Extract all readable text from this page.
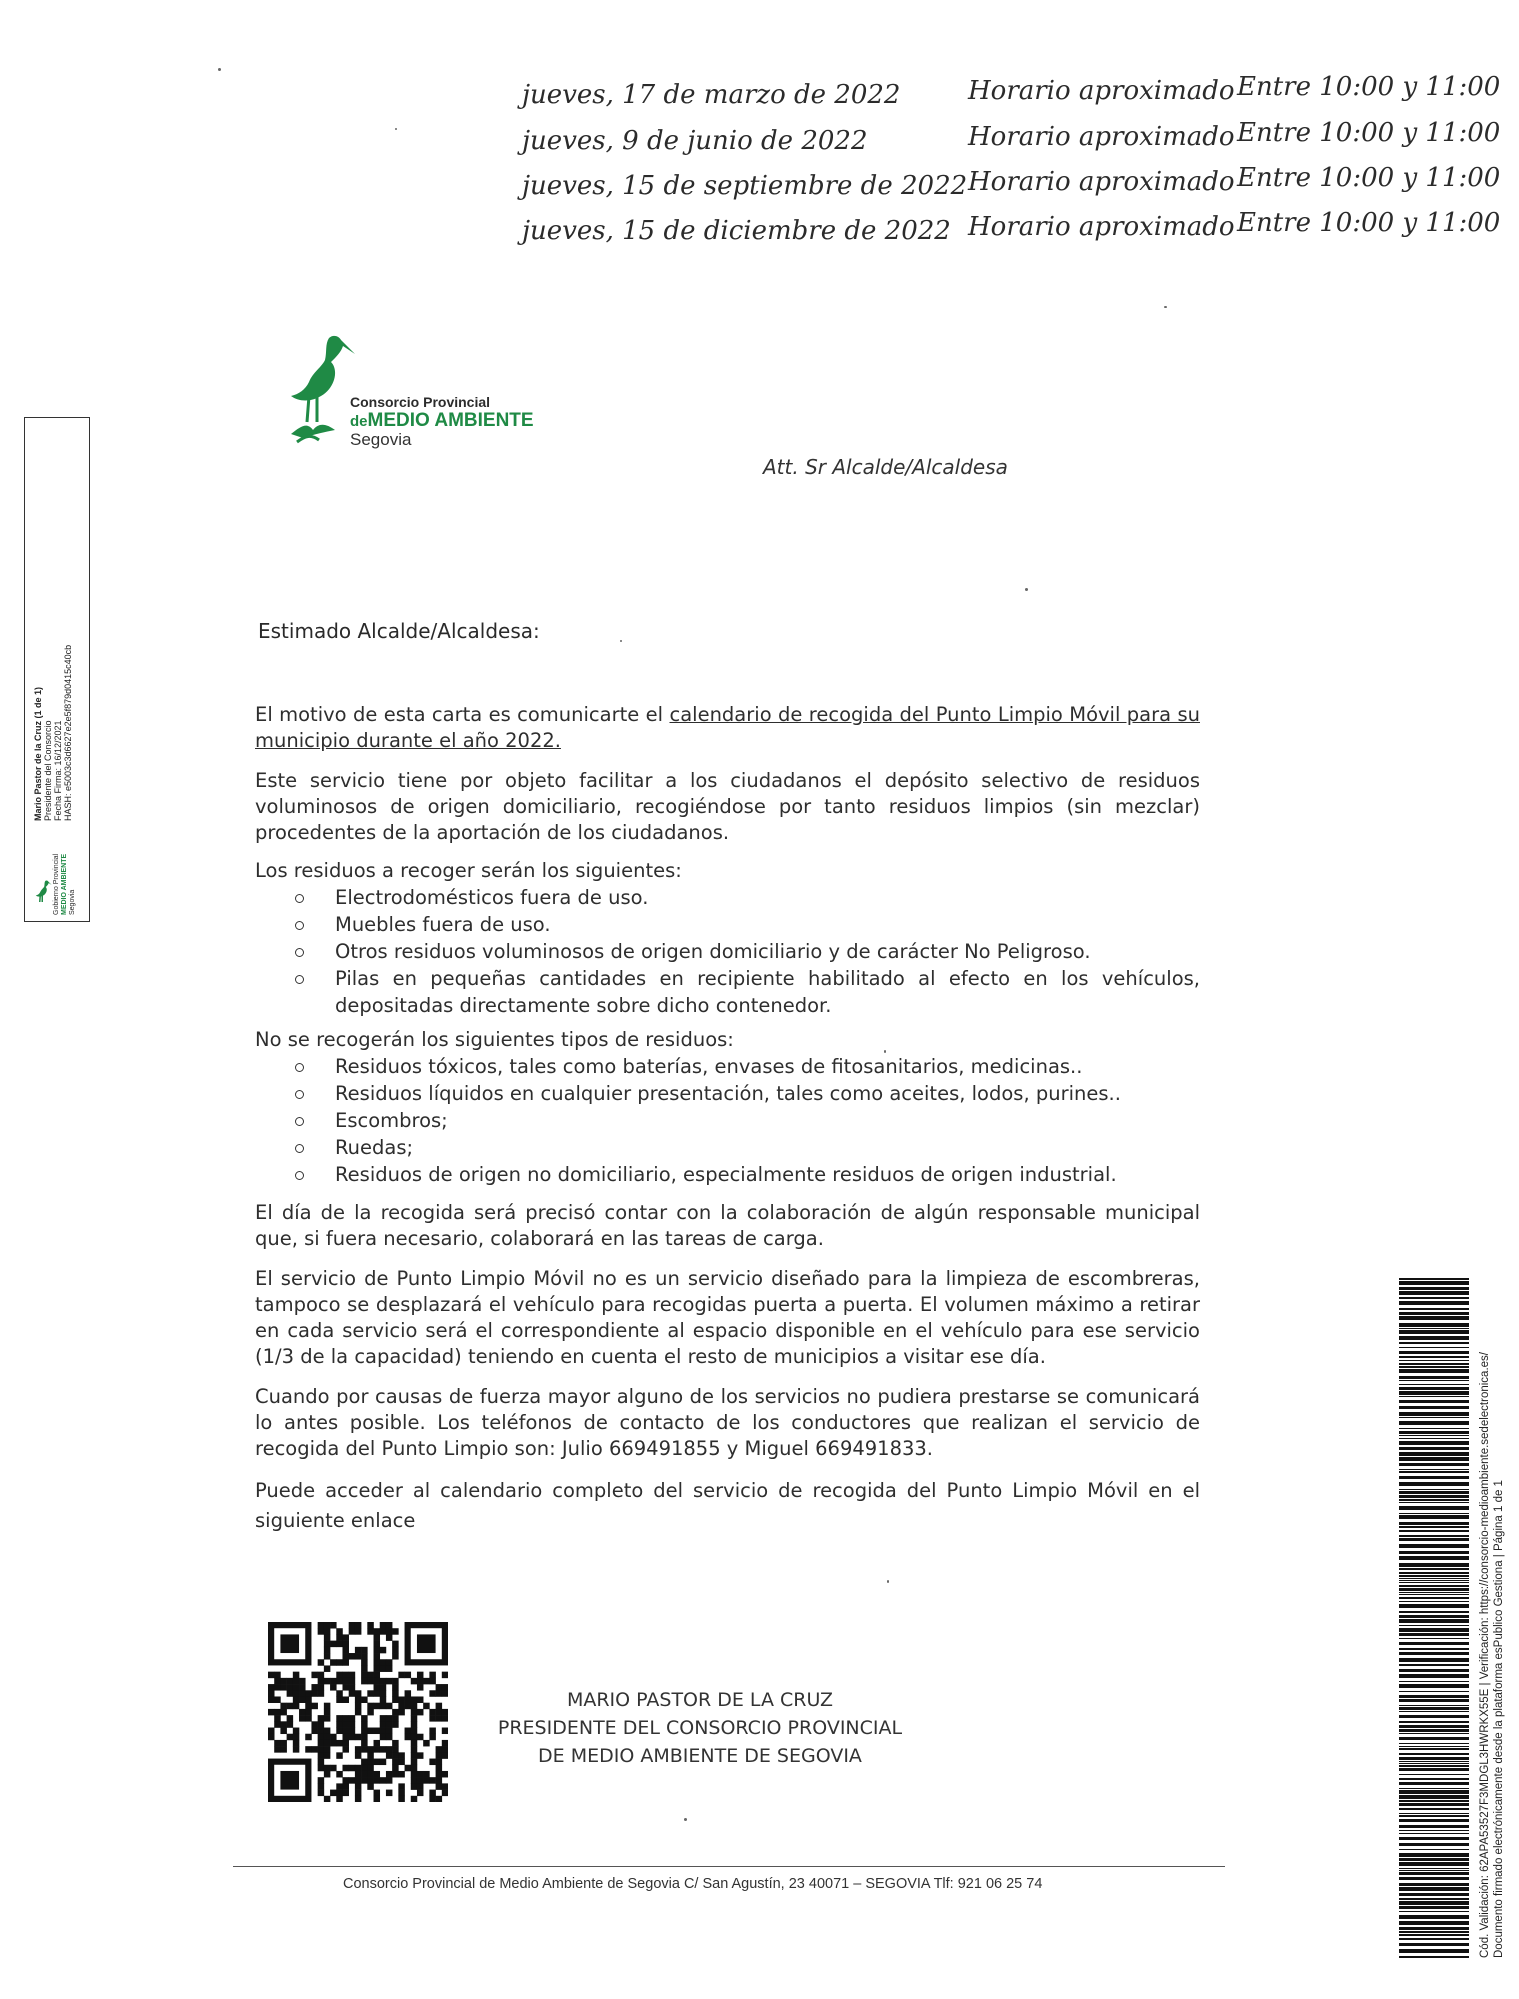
jueves, 17 de marzo de 2022	Horario aproximado Entre 10:00 y 11:00
jueves, 9 de junio de 2022	Horario aproximado Entre 10:00 y 11:00
jueves, 15 de septiembre de 2022 Horario aproximado Entre 10:00 y 11:00
jueves, 15 de diciembre de 2022 Horario aproximado Entre 10:00 y 11:00
Consorcio Provincial
deMEDIO AMBIENTE
Segovia
Att. Sr Alcalde/Alcaldesa
Estimado Alcalde/Alcaldesa:

El motivo de esta carta es comunicarte el calendario de recogida del Punto Limpio Móvil para su municipio durante el año 2022.

Este servicio tiene por objeto facilitar a los ciudadanos el depósito selectivo de residuos voluminosos de origen domiciliario, recogiéndose por tanto residuos limpios (sin mezclar) procedentes de la aportación de los ciudadanos.

Los residuos a recoger serán los siguientes:

Electrodomésticos fuera de uso.
Muebles fuera de uso.
Otros residuos voluminosos de origen domiciliario y de carácter No Peligroso.
Pilas en pequeñas cantidades en recipiente habilitado al efecto en los vehículos, depositadas directamente sobre dicho contenedor.

No se recogerán los siguientes tipos de residuos:

Residuos tóxicos, tales como baterías, envases de fitosanitarios, medicinas..
Residuos líquidos en cualquier presentación, tales como aceites, lodos, purines..
Escombros;
Ruedas;
Residuos de origen no domiciliario, especialmente residuos de origen industrial.

El día de la recogida será precisó contar con la colaboración de algún responsable municipal que, si fuera necesario, colaborará en las tareas de carga.

El servicio de Punto Limpio Móvil no es un servicio diseñado para la limpieza de escombreras, tampoco se desplazará el vehículo para recogidas puerta a puerta. El volumen máximo a retirar en cada servicio será el correspondiente al espacio disponible en el vehículo para ese servicio (1/3 de la capacidad) teniendo en cuenta el resto de municipios a visitar ese día.

Cuando por causas de fuerza mayor alguno de los servicios no pudiera prestarse se comunicará lo antes posible. Los teléfonos de contacto de los conductores que realizan el servicio de recogida del Punto Limpio son: Julio 669491855 y Miguel 669491833.

Puede acceder al calendario completo del servicio de recogida del Punto Limpio Móvil en el siguiente enlace

MARIO PASTOR DE LA CRUZ
PRESIDENTE DEL CONSORCIO PROVINCIAL
DE MEDIO AMBIENTE DE SEGOVIA
Consorcio Provincial de Medio Ambiente de Segovia C/ San Agustín, 23 40071 – SEGOVIA Tlf: 921 06 25 74
Mario Pastor de la Cruz (1 de 1) Presidente del Consorcio Fecha Firma: 16/12/2021 HASH: e5003c3d6627e2e5f879d0415c40cb
Gobierno Provincial MEDIO AMBIENTE Segovia
Cód. Validación: 62APA53527F3MDGL3HWRKX55E | Verificación: https://consorcio-medioambiente.sedelectronica.es/ Documento firmado electrónicamente desde la plataforma esPublico Gestiona | Página 1 de 1
